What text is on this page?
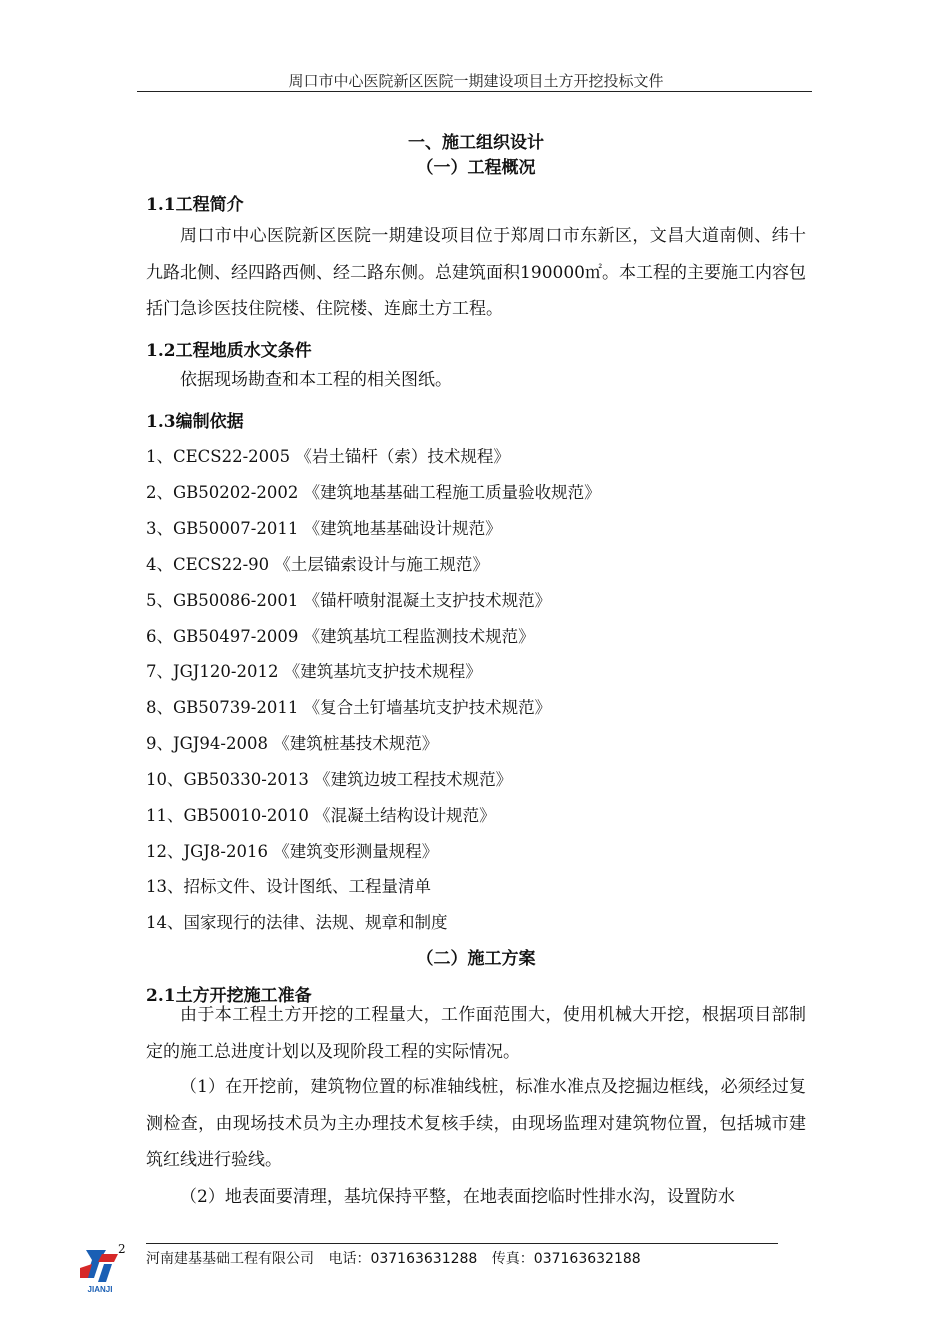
周口市中心医院新区医院一期建设项目土方开挖投标文件
一、施工组织设计
（一）工程概况
1.1工程简介
周口市中心医院新区医院一期建设项目位于郑周口市东新区，文昌大道南侧、纬十九路北侧、经四路西侧、经二路东侧。总建筑面积190000㎡。本工程的主要施工内容包括门急诊医技住院楼、住院楼、连廊土方工程。
1.2工程地质水文条件
依据现场勘查和本工程的相关图纸。
1.3编制依据
1、CECS22-2005 《岩土锚杆（索）技术规程》
2、GB50202-2002 《建筑地基基础工程施工质量验收规范》
3、GB50007-2011 《建筑地基基础设计规范》
4、CECS22-90 《土层锚索设计与施工规范》
5、GB50086-2001 《锚杆喷射混凝土支护技术规范》
6、GB50497-2009 《建筑基坑工程监测技术规范》
7、JGJ120-2012 《建筑基坑支护技术规程》
8、GB50739-2011 《复合土钉墙基坑支护技术规范》
9、JGJ94-2008 《建筑桩基技术规范》
10、GB50330-2013 《建筑边坡工程技术规范》
11、GB50010-2010 《混凝土结构设计规范》
12、JGJ8-2016 《建筑变形测量规程》
13、招标文件、设计图纸、工程量清单
14、国家现行的法律、法规、规章和制度
（二）施工方案
2.1土方开挖施工准备
由于本工程土方开挖的工程量大，工作面范围大，使用机械大开挖，根据项目部制定的施工总进度计划以及现阶段工程的实际情况。
（1）在开挖前，建筑物位置的标准轴线桩，标准水准点及挖掘边框线，必须经过复测检查，由现场技术员为主办理技术复核手续，由现场监理对建筑物位置，包括城市建筑红线进行验线。
（2）地表面要清理，基坑保持平整，在地表面挖临时性排水沟，设置防水
JIANJI
2
河南建基基础工程有限公司 电话：037163631288 传真：037163632188
